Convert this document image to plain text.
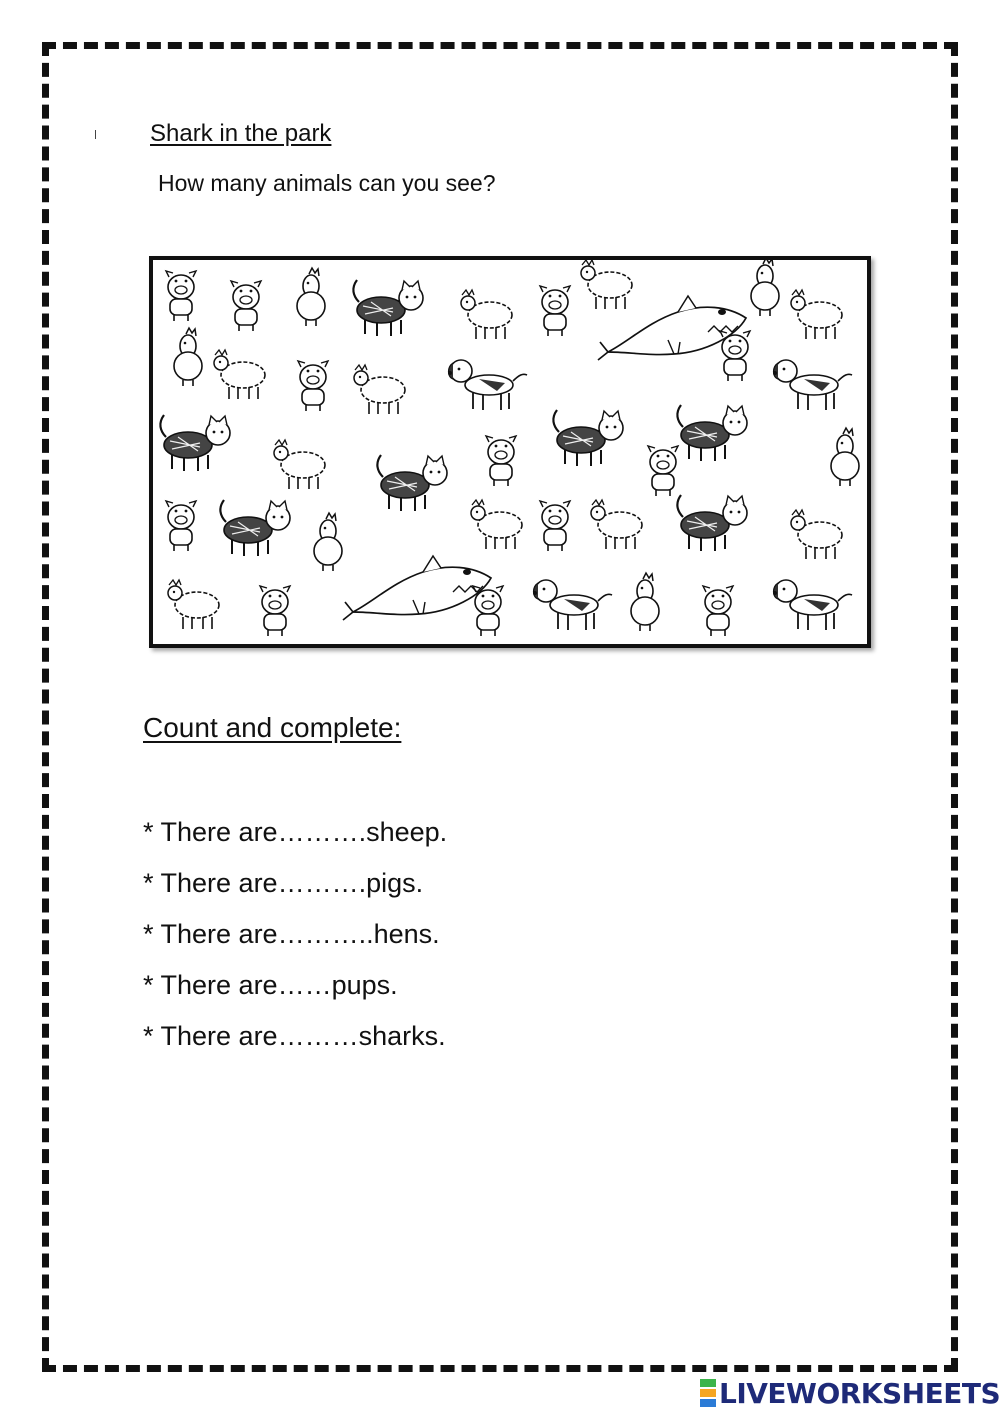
Shark in the park
How many animals can you see?
Count and complete:
* There are……….sheep.
* There are……….pigs.
* There are………..hens.
* There are……pups.
* There are………sharks.
LIVEWORKSHEETS
